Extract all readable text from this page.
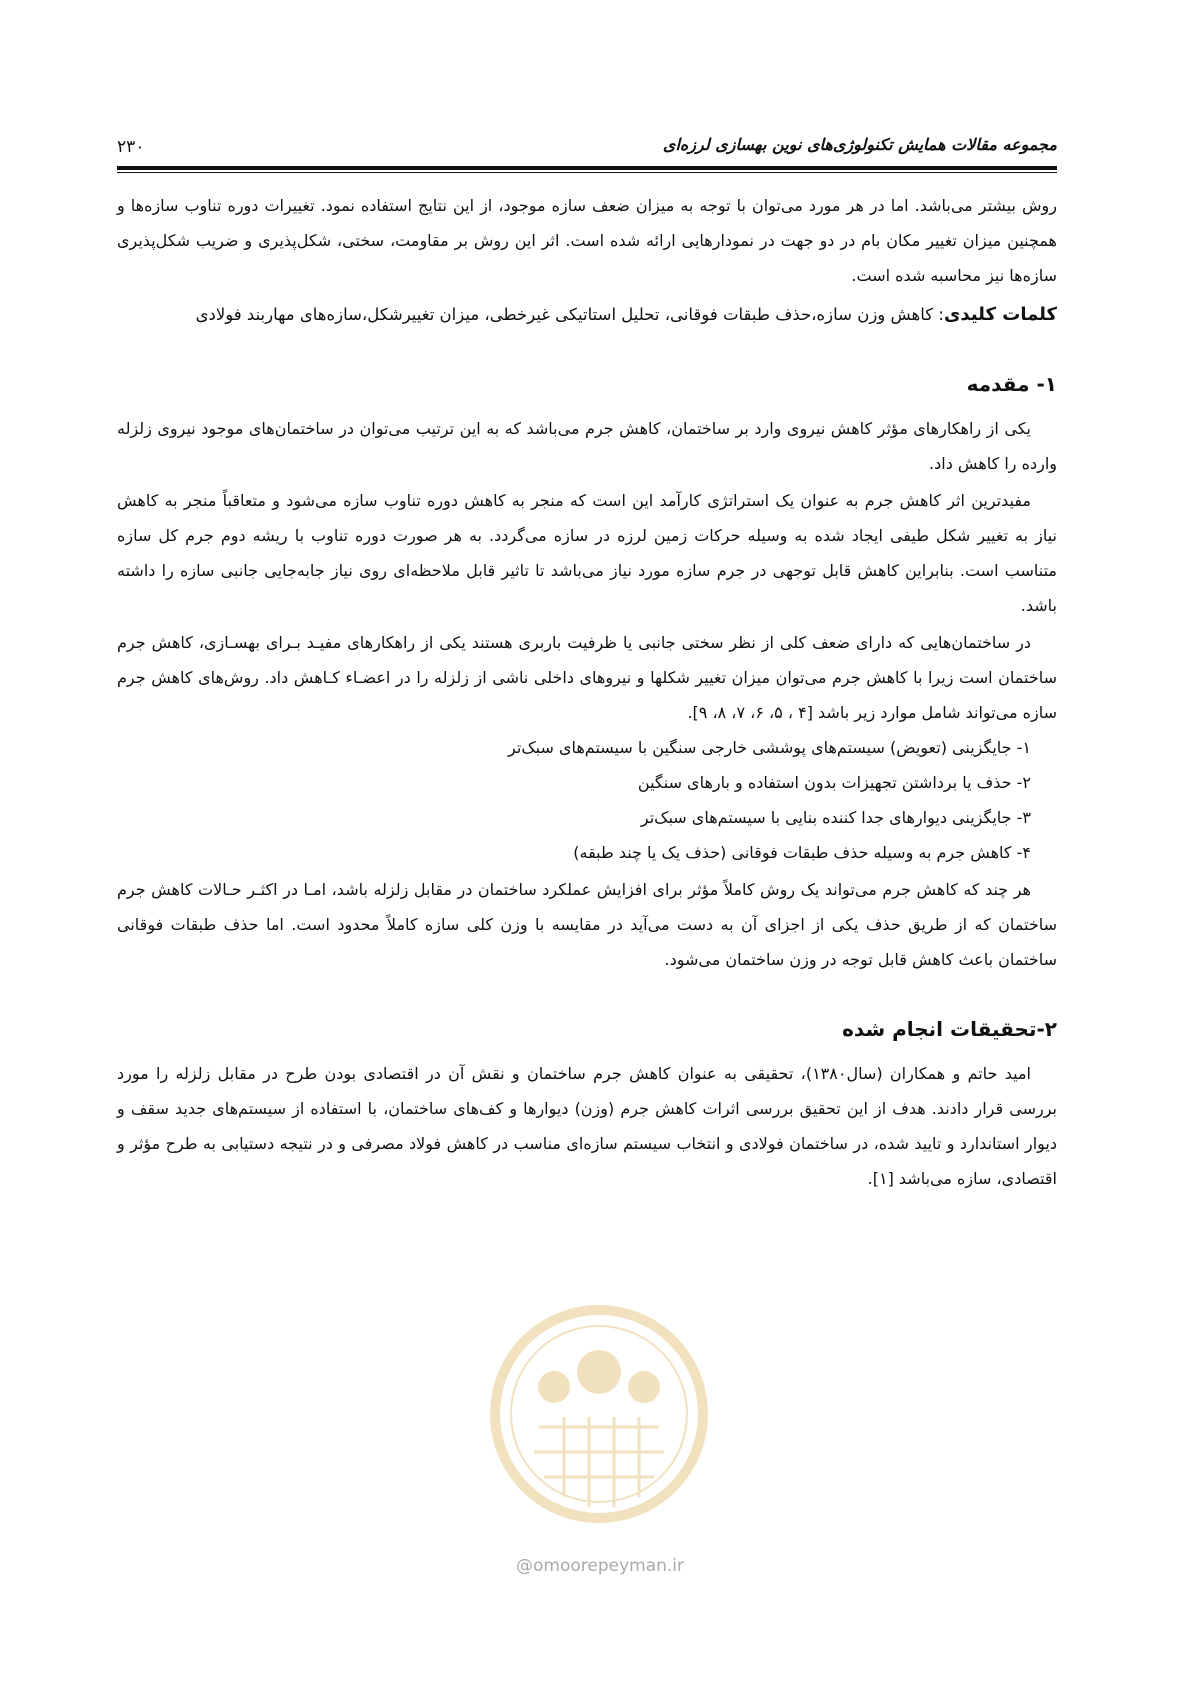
۲۳۰	مجموعه مقالات همایش تکنولوژی‌های نوین بهسازی لرزه‌ای

روش بیشتر می‌باشد. اما در هر مورد می‌توان با توجه به میزان ضعف سازه موجود، از این نتایج استفاده نمود. تغییرات دوره تناوب سازه‌ها و همچنین میزان تغییر مکان بام در دو جهت در نمودارهایی ارائه شده است. اثر این روش بر مقاومت، سختی، شکل‌پذیری و ضریب شکل‌پذیری سازه‌ها نیز محاسبه شده است.

کلمات کلیدی: کاهش وزن سازه،حذف طبقات فوقانی، تحلیل استاتیکی غیرخطی، میزان تغییرشکل،سازه‌های مهاربند فولادی

۱- مقدمه

یکی از راهکارهای مؤثر کاهش نیروی وارد بر ساختمان، کاهش جرم می‌باشد که به این ترتیب می‌توان در ساختمان‌های موجود نیروی زلزله وارده را کاهش داد.

مفیدترین اثر کاهش جرم به عنوان یک استراتژی کارآمد این است که منجر به کاهش دوره تناوب سازه می‌شود و متعاقباً منجر به کاهش نیاز به تغییر شکل طیفی ایجاد شده به وسیله حرکات زمین لرزه در سازه می‌گردد. به هر صورت دوره تناوب با ریشه دوم جرم کل سازه متناسب است. بنابراین کاهش قابل توجهی در جرم سازه مورد نیاز می‌باشد تا تاثیر قابل ملاحظه‌ای روی نیاز جابه‌جایی جانبی سازه را داشته باشد.

در ساختمان‌هایی که دارای ضعف کلی از نظر سختی جانبی یا ظرفیت باربری هستند یکی از راهکارهای مفیـد بـرای بهسـازی، کاهش جرم ساختمان است زیرا با کاهش جرم می‌توان میزان تغییر شکلها و نیروهای داخلی ناشی از زلزله را در اعضـاء کـاهش داد. روش‌های کاهش جرم سازه می‌تواند شامل موارد زیر باشد [۴ ، ۵، ۶، ۷، ۸، ۹].

۱- جایگزینی (تعویض) سیستم‌های پوششی خارجی سنگین با سیستم‌های سبک‌تر

۲- حذف یا برداشتن تجهیزات بدون استفاده و بارهای سنگین

۳- جایگزینی دیوارهای جدا کننده بنایی با سیستم‌های سبک‌تر

۴- کاهش جرم به وسیله حذف طبقات فوقانی (حذف یک یا چند طبقه)

هر چند که کاهش جرم می‌تواند یک روش کاملاً مؤثر برای افزایش عملکرد ساختمان در مقابل زلزله باشد، امـا در اکثـر حـالات کاهش جرم ساختمان که از طریق حذف یکی از اجزای آن به دست می‌آید در مقایسه با وزن کلی سازه کاملاً محدود است. اما حذف طبقات فوقانی ساختمان باعث کاهش قابل توجه در وزن ساختمان می‌شود.

۲-تحقیقات انجام شده

امید حاتم و همکاران (سال۱۳۸۰)، تحقیقی به عنوان کاهش جرم ساختمان و نقش آن در اقتصادی بودن طرح در مقابل زلزله را مورد بررسی قرار دادند. هدف از این تحقیق بررسی اثرات کاهش جرم (وزن) دیوارها و کف‌های ساختمان، با استفاده از سیستم‌های جدید سقف و دیوار استاندارد و تایید شده، در ساختمان فولادی و انتخاب سیستم سازه‌ای مناسب در کاهش فولاد مصرفی و در نتیجه دستیابی به طرح مؤثر و اقتصادی، سازه می‌باشد [۱].

@omoorepeyman.ir
